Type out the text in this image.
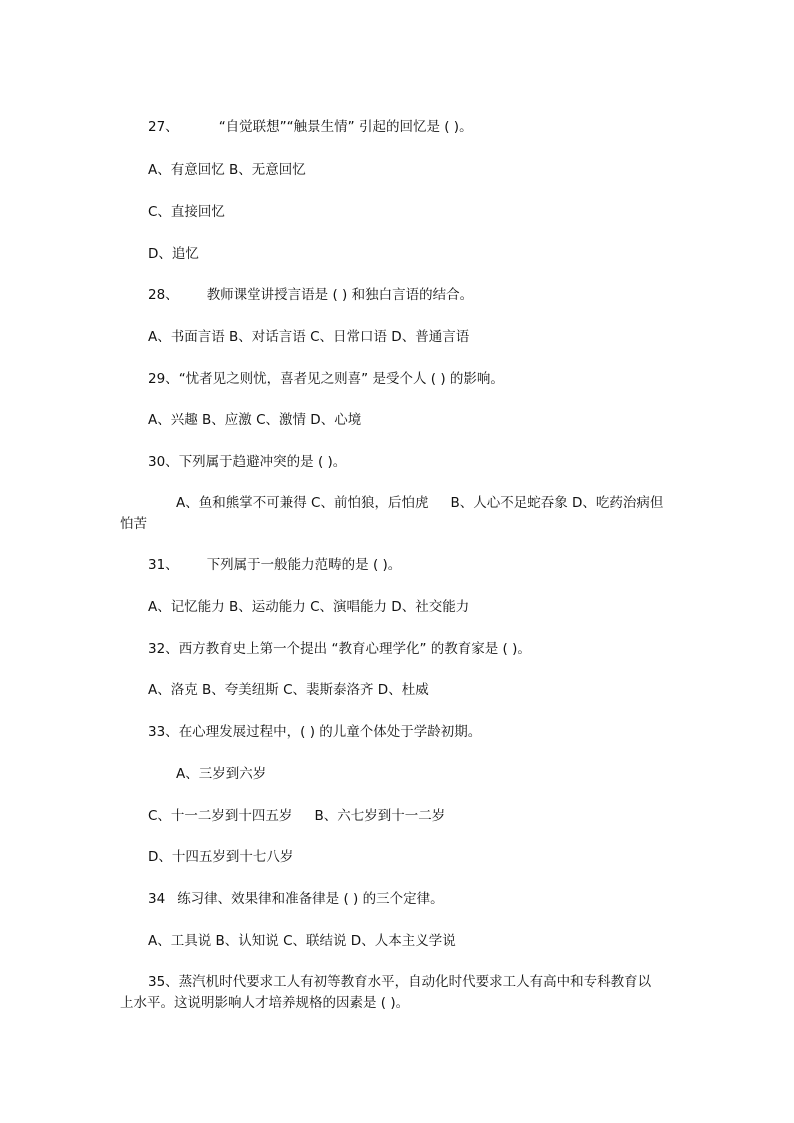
27、	“自觉联想”“触景生情” 引起的回忆是 ( )。

A、有意回忆 B、无意回忆

C、直接回忆

D、追忆

28、 教师课堂讲授言语是 ( ) 和独白言语的结合。

A、书面言语 B、对话言语 C、日常口语 D、普通言语

29、“忧者见之则忧，喜者见之则喜” 是受个人 ( ) 的影响。

A、兴趣 B、应激 C、激情 D、心境

30、下列属于趋避冲突的是 ( )。

A、鱼和熊掌不可兼得 C、前怕狼，后怕虎 B、人心不足蛇吞象 D、吃药治病但

怕苦

31、 下列属于一般能力范畴的是 ( )。

A、记忆能力 B、运动能力 C、演唱能力 D、社交能力

32、西方教育史上第一个提出 “教育心理学化” 的教育家是 ( )。

A、洛克 B、夸美纽斯 C、裴斯泰洛齐 D、杜威

33、在心理发展过程中，( ) 的儿童个体处于学龄初期。

A、三岁到六岁

C、十一二岁到十四五岁 B、六七岁到十一二岁

D、十四五岁到十七八岁

34 练习律、效果律和准备律是 ( ) 的三个定律。

A、工具说 B、认知说 C、联结说 D、人本主义学说

35、蒸汽机时代要求工人有初等教育水平，自动化时代要求工人有高中和专科教育以

上水平。这说明影响人才培养规格的因素是 ( )。
